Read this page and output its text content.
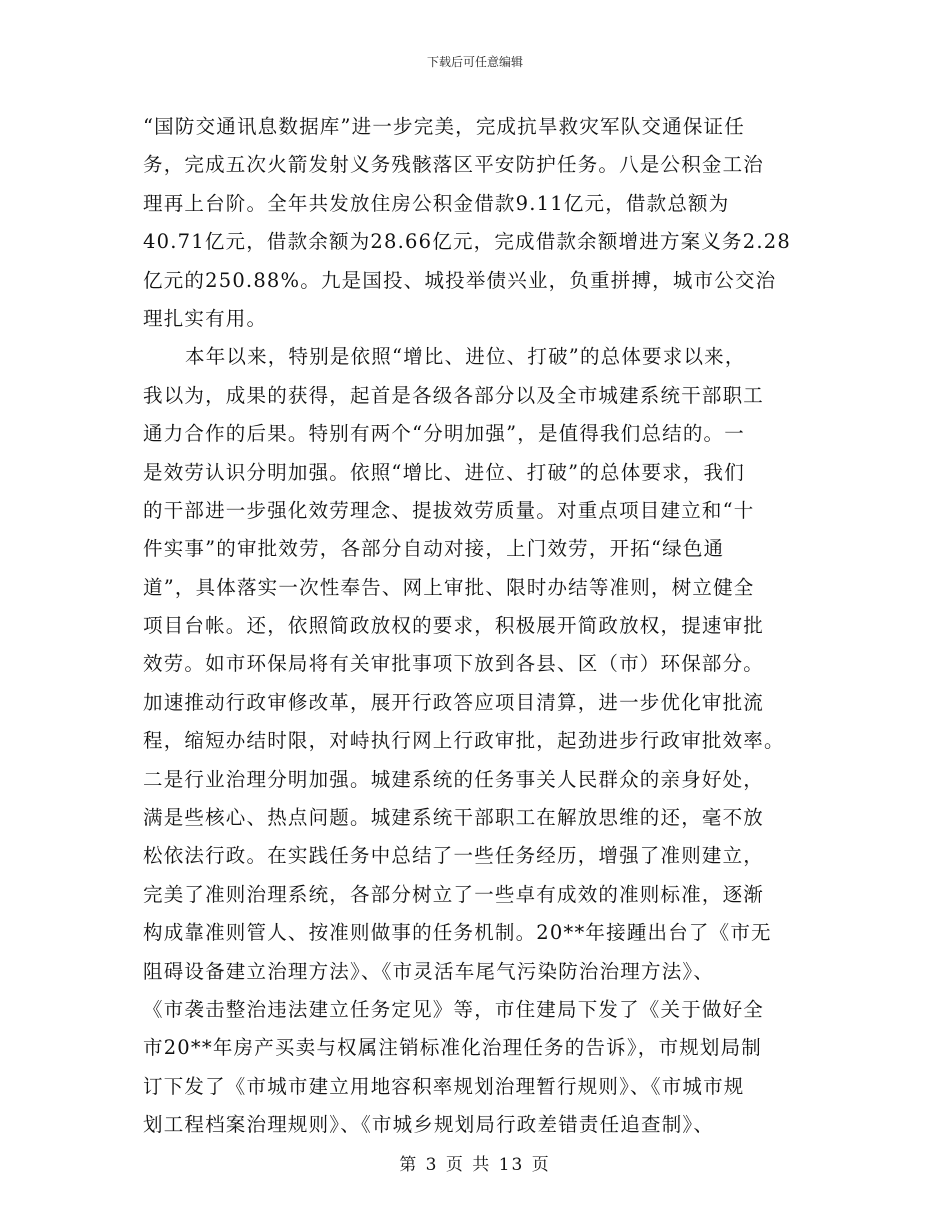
下载后可任意编辑
“国防交通讯息数据库”进一步完美，完成抗旱救灾军队交通保证任
务，完成五次火箭发射义务残骸落区平安防护任务。八是公积金工治
理再上台阶。全年共发放住房公积金借款9.11亿元，借款总额为
40.71亿元，借款余额为28.66亿元，完成借款余额增进方案义务2.28
亿元的250.88%。九是国投、城投举债兴业，负重拼搏，城市公交治
理扎实有用。
本年以来，特别是依照“增比、进位、打破”的总体要求以来，
我以为，成果的获得，起首是各级各部分以及全市城建系统干部职工
通力合作的后果。特别有两个“分明加强”，是值得我们总结的。一
是效劳认识分明加强。依照“增比、进位、打破”的总体要求，我们
的干部进一步强化效劳理念、提拔效劳质量。对重点项目建立和“十
件实事”的审批效劳，各部分自动对接，上门效劳，开拓“绿色通
道”，具体落实一次性奉告、网上审批、限时办结等准则，树立健全
项目台帐。还，依照简政放权的要求，积极展开简政放权，提速审批
效劳。如市环保局将有关审批事项下放到各县、区（市）环保部分。
加速推动行政审修改革，展开行政答应项目清算，进一步优化审批流
程，缩短办结时限，对峙执行网上行政审批，起劲进步行政审批效率。
二是行业治理分明加强。城建系统的任务事关人民群众的亲身好处，
满是些核心、热点问题。城建系统干部职工在解放思维的还，毫不放
松依法行政。在实践任务中总结了一些任务经历，增强了准则建立，
完美了准则治理系统，各部分树立了一些卓有成效的准则标准，逐渐
构成靠准则管人、按准则做事的任务机制。20**年接踵出台了《市无
阻碍设备建立治理方法》、《市灵活车尾气污染防治治理方法》、
《市袭击整治违法建立任务定见》等，市住建局下发了《关于做好全
市20**年房产买卖与权属注销标准化治理任务的告诉》，市规划局制
订下发了《市城市建立用地容积率规划治理暂行规则》、《市城市规
划工程档案治理规则》、《市城乡规划局行政差错责任追查制》、
第 3 页 共 13 页
